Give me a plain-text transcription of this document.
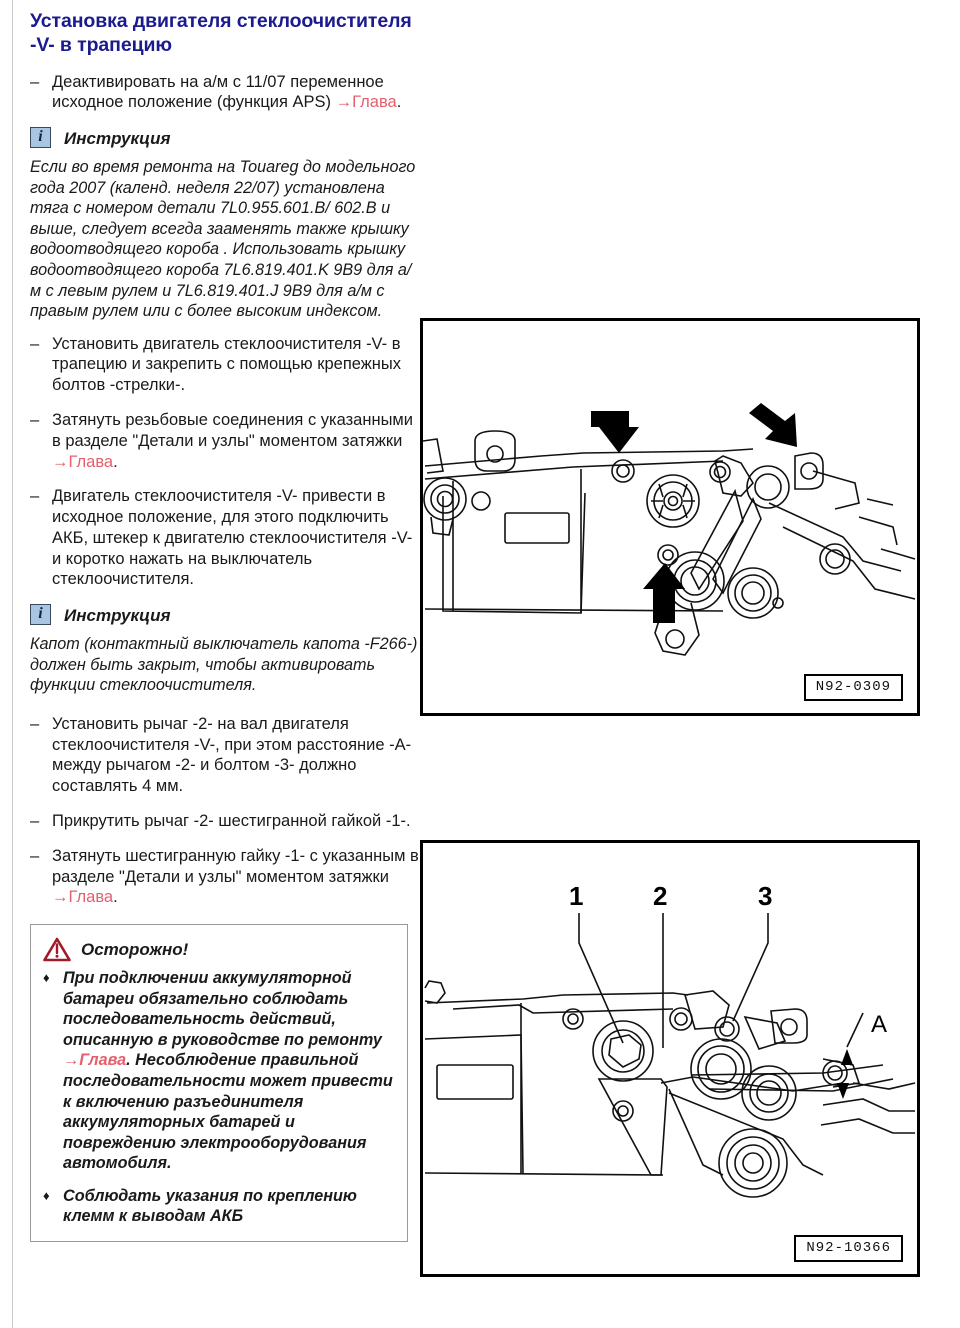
Установка двигателя стеклоочистителя -V- в трапецию
– Деактивировать на а/м с 11/07 переменное исходное положение (функция APS) →Глава.
i	Инструкция
Если во время ремонта на Touareg до модельного года 2007 (календ. неделя 22/07) установлена тяга с номером детали 7L0.955.601.B/ 602.B и выше, следует всегда зааменять также крышку водоотводящего короба . Использовать крышку водоотводящего короба 7L6.819.401.K 9B9 для а/м с левым рулем и 7L6.819.401.J 9B9 для а/м с правым рулем или с более высоким индексом.
– Установить двигатель стеклоочистителя -V- в трапецию и закрепить с помощью крепежных болтов -стрелки-.
– Затянуть резьбовые соединения с указанными в разделе "Детали и узлы" моментом затяжки →Глава.
– Двигатель стеклоочистителя -V- привести в исходное положение, для этого подключить АКБ, штекер к двигателю стеклоочистителя -V- и коротко нажать на выключатель стеклоочистителя.
i	Инструкция
Капот (контактный выключатель капота -F266-) должен быть закрыт, чтобы активировать функции стеклоочистителя.
– Установить рычаг -2- на вал двигателя стеклоочистителя -V-, при этом расстояние -А- между рычагом -2- и болтом -3- должно составлять 4 мм.
– Прикрутить рычаг -2- шестигранной гайкой -1-.
– Затянуть шестигранную гайку -1- с указанным в разделе "Детали и узлы" моментом затяжки →Глава.
Осторожно!
♦ При подключении аккумуляторной батареи обязательно соблюдать последовательность действий, описанную в руководстве по ремонту →Глава. Несоблюдение правильной последовательности может привести к включению разъединителя аккумуляторных батарей и повреждению электрооборудования автомобиля.
♦ Соблюдать указания по креплению клемм к выводам АКБ
N92-0309
1	2	3
A
N92-10366
